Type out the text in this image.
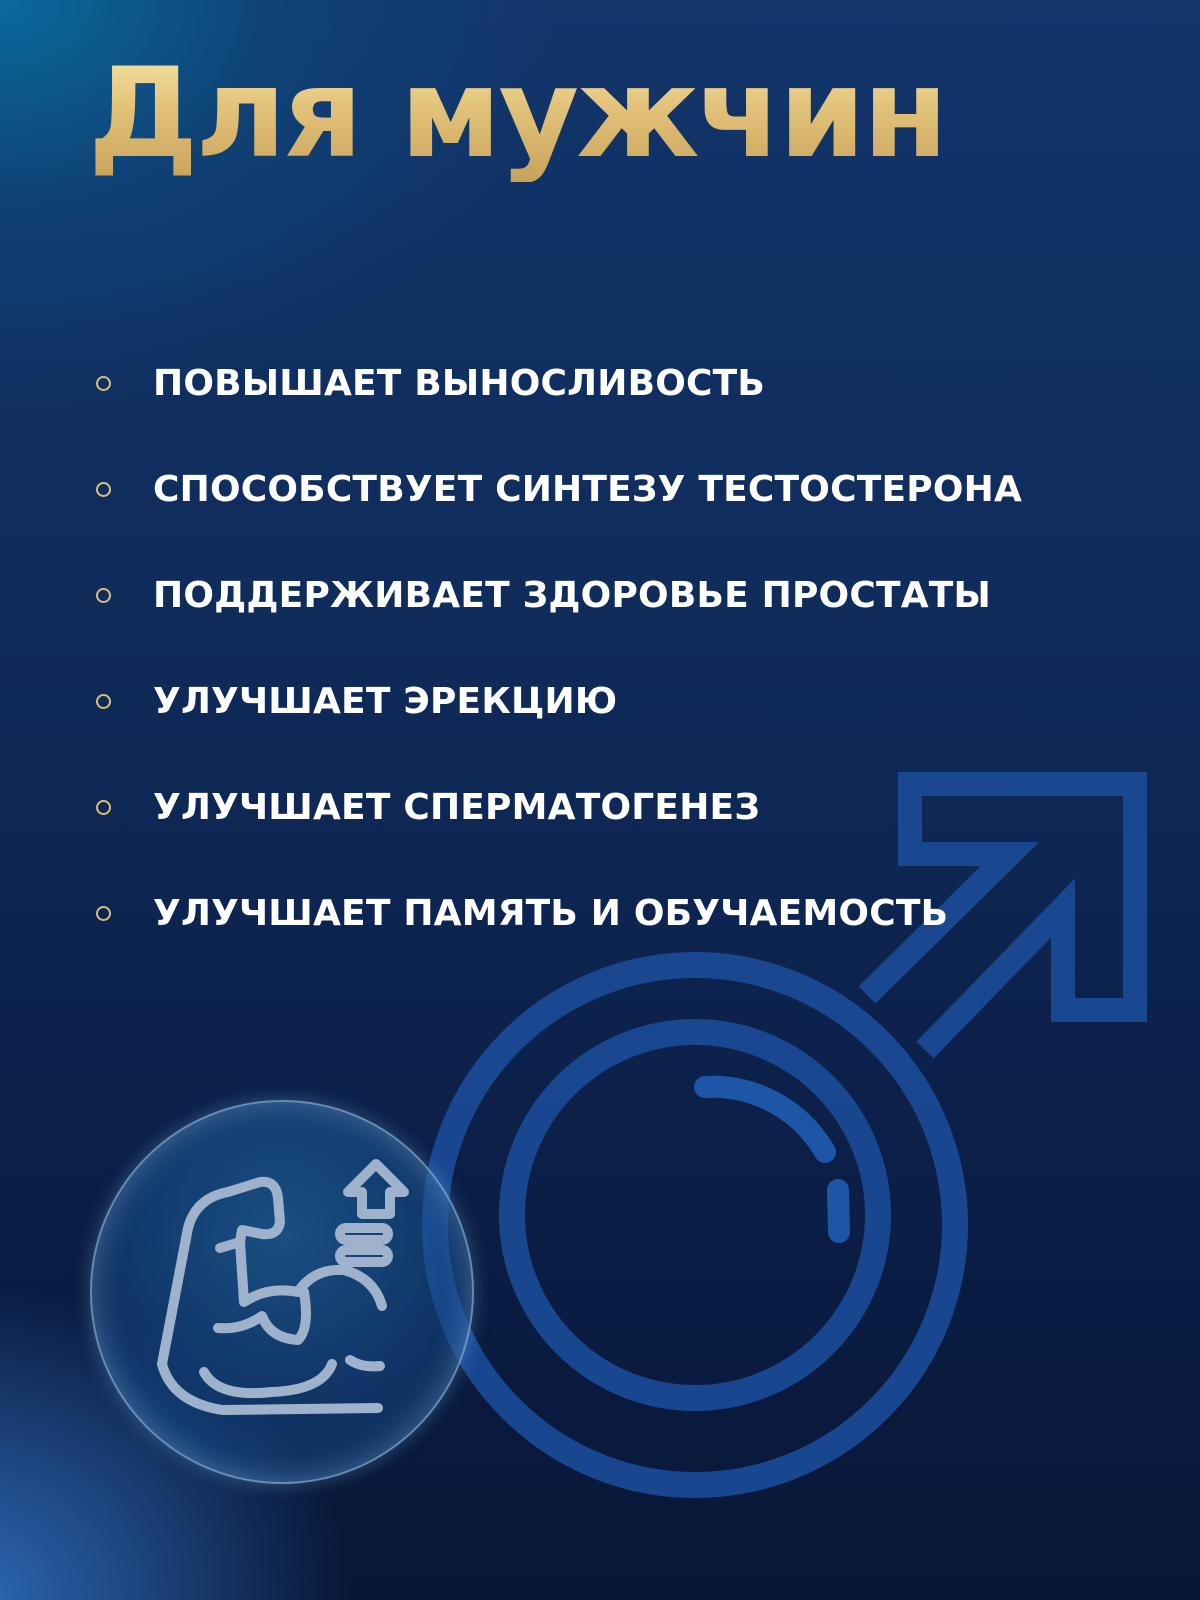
Для мужчин
ПОВЫШАЕТ ВЫНОСЛИВОСТЬ
СПОСОБСТВУЕТ СИНТЕЗУ ТЕСТОСТЕРОНА
ПОДДЕРЖИВАЕТ ЗДОРОВЬЕ ПРОСТАТЫ
УЛУЧШАЕТ ЭРЕКЦИЮ
УЛУЧШАЕТ СПЕРМАТОГЕНЕЗ
УЛУЧШАЕТ ПАМЯТЬ И ОБУЧАЕМОСТЬ
